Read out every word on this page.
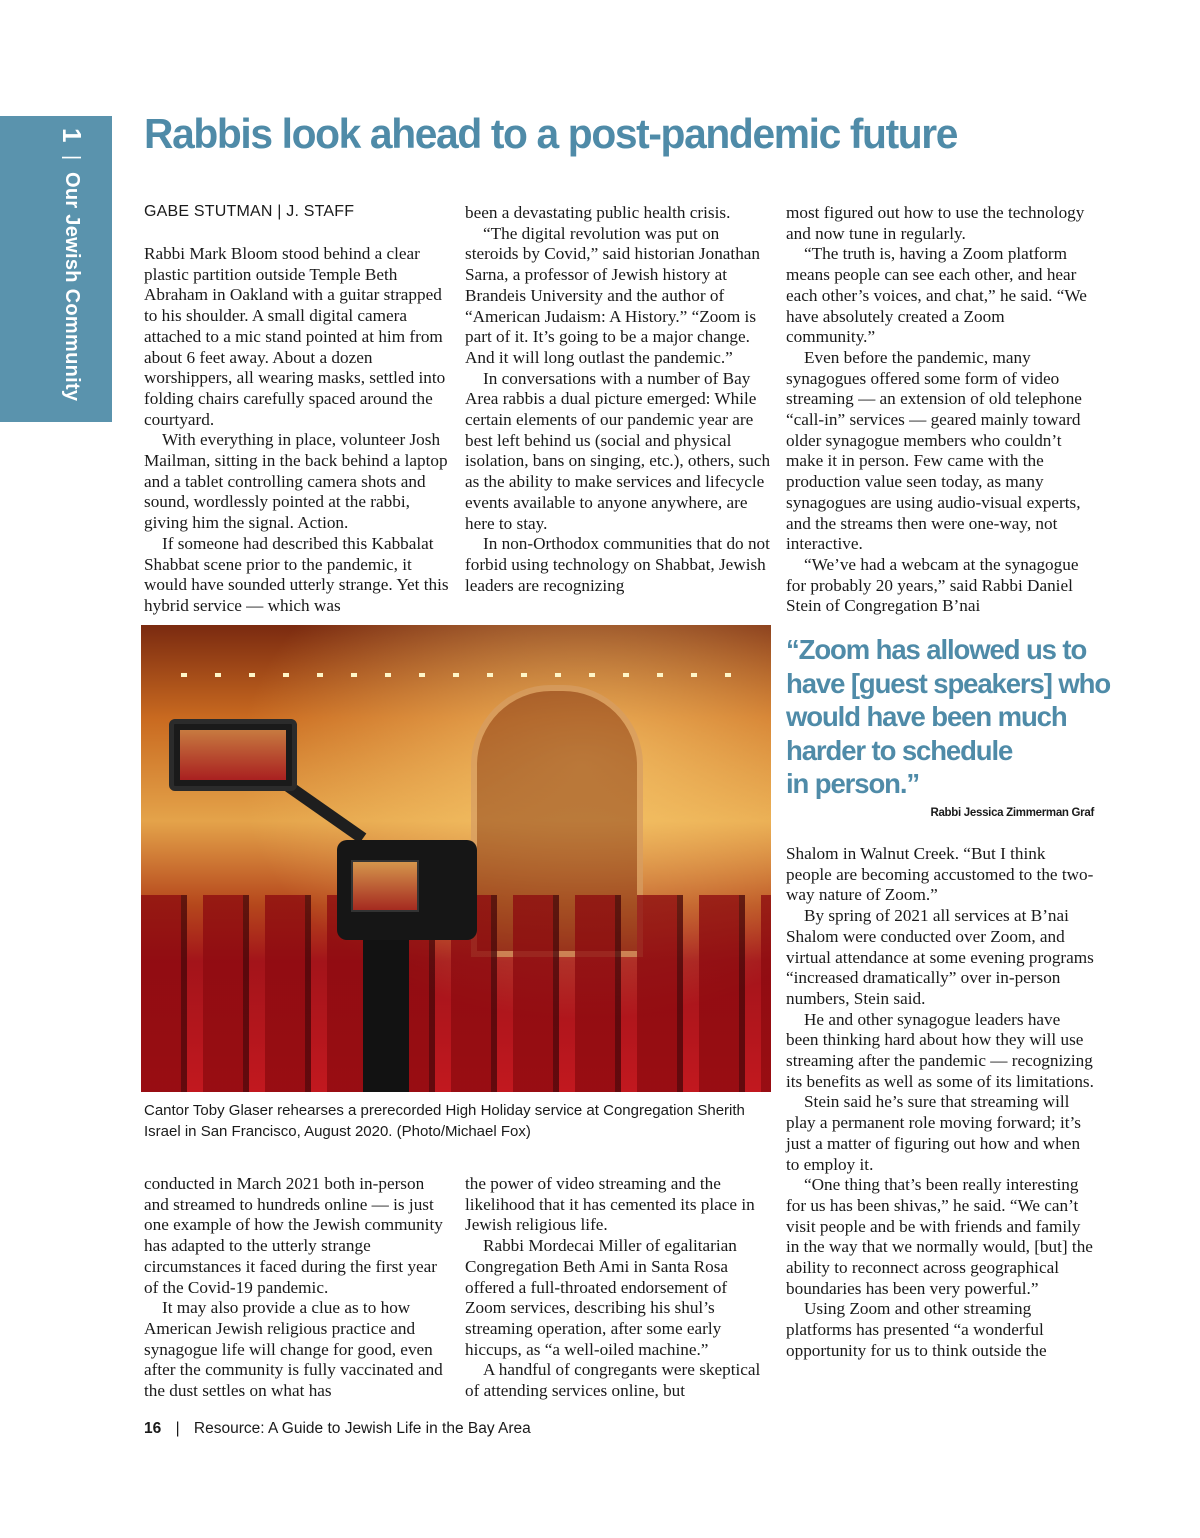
1 | Our Jewish Community
Rabbis look ahead to a post-pandemic future
GABE STUTMAN | J. STAFF

Rabbi Mark Bloom stood behind a clear plastic partition outside Temple Beth Abraham in Oakland with a guitar strapped to his shoulder. A small digital camera attached to a mic stand pointed at him from about 6 feet away. About a dozen worshippers, all wearing masks, settled into folding chairs carefully spaced around the courtyard.

With everything in place, volunteer Josh Mailman, sitting in the back behind a laptop and a tablet controlling camera shots and sound, wordlessly pointed at the rabbi, giving him the signal. Action.

If someone had described this Kabbalat Shabbat scene prior to the pandemic, it would have sounded utterly strange. Yet this hybrid service — which was

been a devastating public health crisis.

“The digital revolution was put on steroids by Covid,” said historian Jonathan Sarna, a professor of Jewish history at Brandeis University and the author of “American Judaism: A History.” “Zoom is part of it. It’s going to be a major change. And it will long outlast the pandemic.”

In conversations with a number of Bay Area rabbis a dual picture emerged: While certain elements of our pandemic year are best left behind us (social and physical isolation, bans on singing, etc.), others, such as the ability to make services and lifecycle events available to anyone anywhere, are here to stay.

In non-Orthodox communities that do not forbid using technology on Shabbat, Jewish leaders are recognizing

most figured out how to use the technology and now tune in regularly.

“The truth is, having a Zoom platform means people can see each other, and hear each other’s voices, and chat,” he said. “We have absolutely created a Zoom community.”

Even before the pandemic, many synagogues offered some form of video streaming — an extension of old telephone “call-in” services — geared mainly toward older synagogue members who couldn’t make it in person. Few came with the production value seen today, as many synagogues are using audio-visual experts, and the streams then were one-way, not interactive.

“We’ve had a webcam at the synagogue for probably 20 years,” said Rabbi Daniel Stein of Congregation B’nai

Cantor Toby Glaser rehearses a prerecorded High Holiday service at Congregation Sherith Israel in San Francisco, August 2020. (Photo/Michael Fox)
“Zoom has allowed us to
have [guest speakers] who
would have been much
harder to schedule
in person.”
Rabbi Jessica Zimmerman Graf

Shalom in Walnut Creek. “But I think people are becoming accustomed to the two-way nature of Zoom.”

By spring of 2021 all services at B’nai Shalom were conducted over Zoom, and virtual attendance at some evening programs “increased dramatically” over in-person numbers, Stein said.

He and other synagogue leaders have been thinking hard about how they will use streaming after the pandemic — recognizing its benefits as well as some of its limitations.

Stein said he’s sure that streaming will play a permanent role moving forward; it’s just a matter of figuring out how and when to employ it.

“One thing that’s been really interesting for us has been shivas,” he said. “We can’t visit people and be with friends and family in the way that we normally would, [but] the ability to reconnect across geographical boundaries has been very powerful.”

Using Zoom and other streaming platforms has presented “a wonderful opportunity for us to think outside the

conducted in March 2021 both in-person and streamed to hundreds online — is just one example of how the Jewish community has adapted to the utterly strange circumstances it faced during the first year of the Covid-19 pandemic.

It may also provide a clue as to how American Jewish religious practice and synagogue life will change for good, even after the community is fully vaccinated and the dust settles on what has

the power of video streaming and the likelihood that it has cemented its place in Jewish religious life.

Rabbi Mordecai Miller of egalitarian Congregation Beth Ami in Santa Rosa offered a full-throated endorsement of Zoom services, describing his shul’s streaming operation, after some early hiccups, as “a well-oiled machine.”

A handful of congregants were skeptical of attending services online, but

16 | Resource: A Guide to Jewish Life in the Bay Area
